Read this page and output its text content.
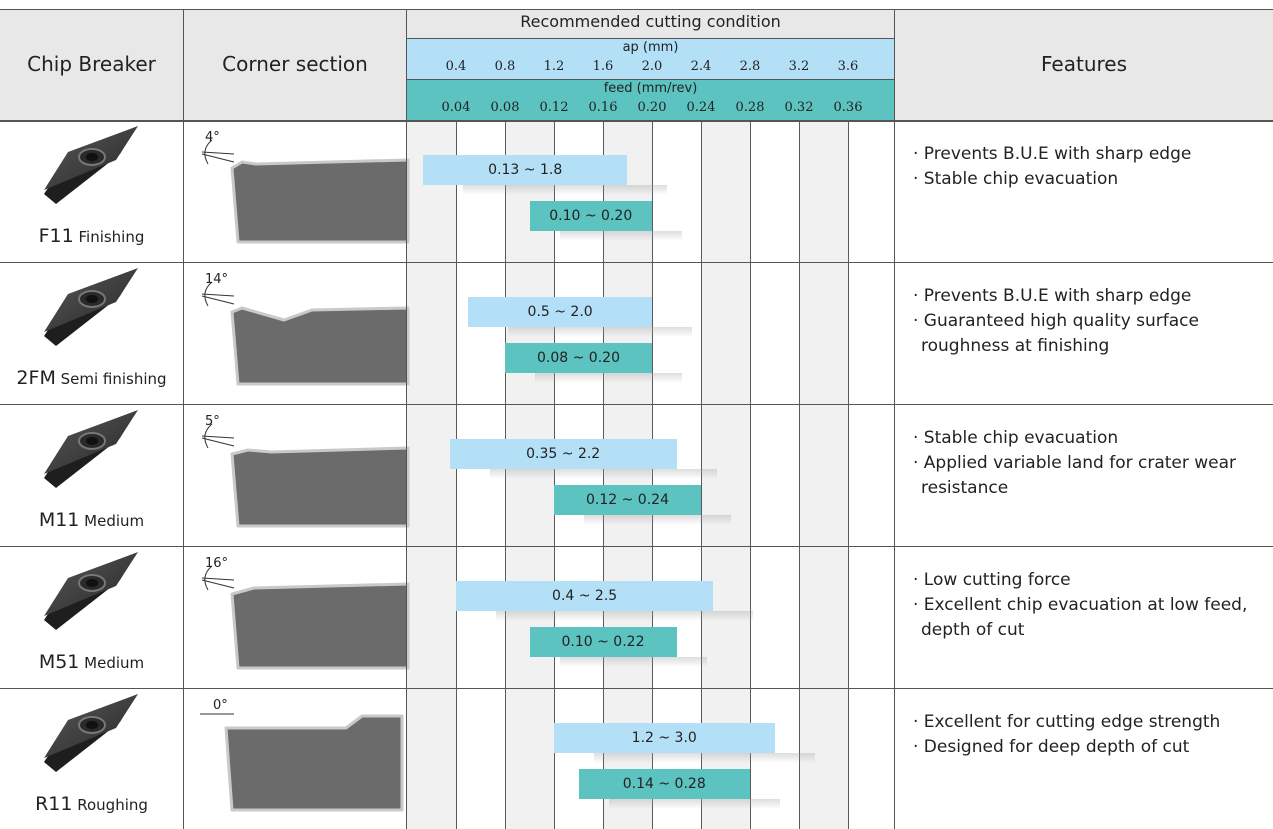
Chip Breaker	Corner section
Recommended cutting condition
ap (mm)
feed (mm/rev)
Features
0.4 0.8 1.2 1.6 2.0 2.4 2.8 3.2 3.6
0.04 0.08 0.12 0.16 0.20 0.24 0.28 0.32 0.36
F11 Finishing
4°
0.13 ~ 1.8
0.10 ~ 0.20
· Prevents B.U.E with sharp edge
· Stable chip evacuation
2FM Semi finishing
14°
0.5 ~ 2.0
0.08 ~ 0.20
· Prevents B.U.E with sharp edge
· Guaranteed high quality surface
roughness at finishing
M11 Medium
5°
0.35 ~ 2.2
0.12 ~ 0.24
· Stable chip evacuation
· Applied variable land for crater wear
resistance
M51 Medium
16°
0.4 ~ 2.5
0.10 ~ 0.22
· Low cutting force
· Excellent chip evacuation at low feed,
depth of cut
R11 Roughing
0°
1.2 ~ 3.0
0.14 ~ 0.28
· Excellent for cutting edge strength
· Designed for deep depth of cut
